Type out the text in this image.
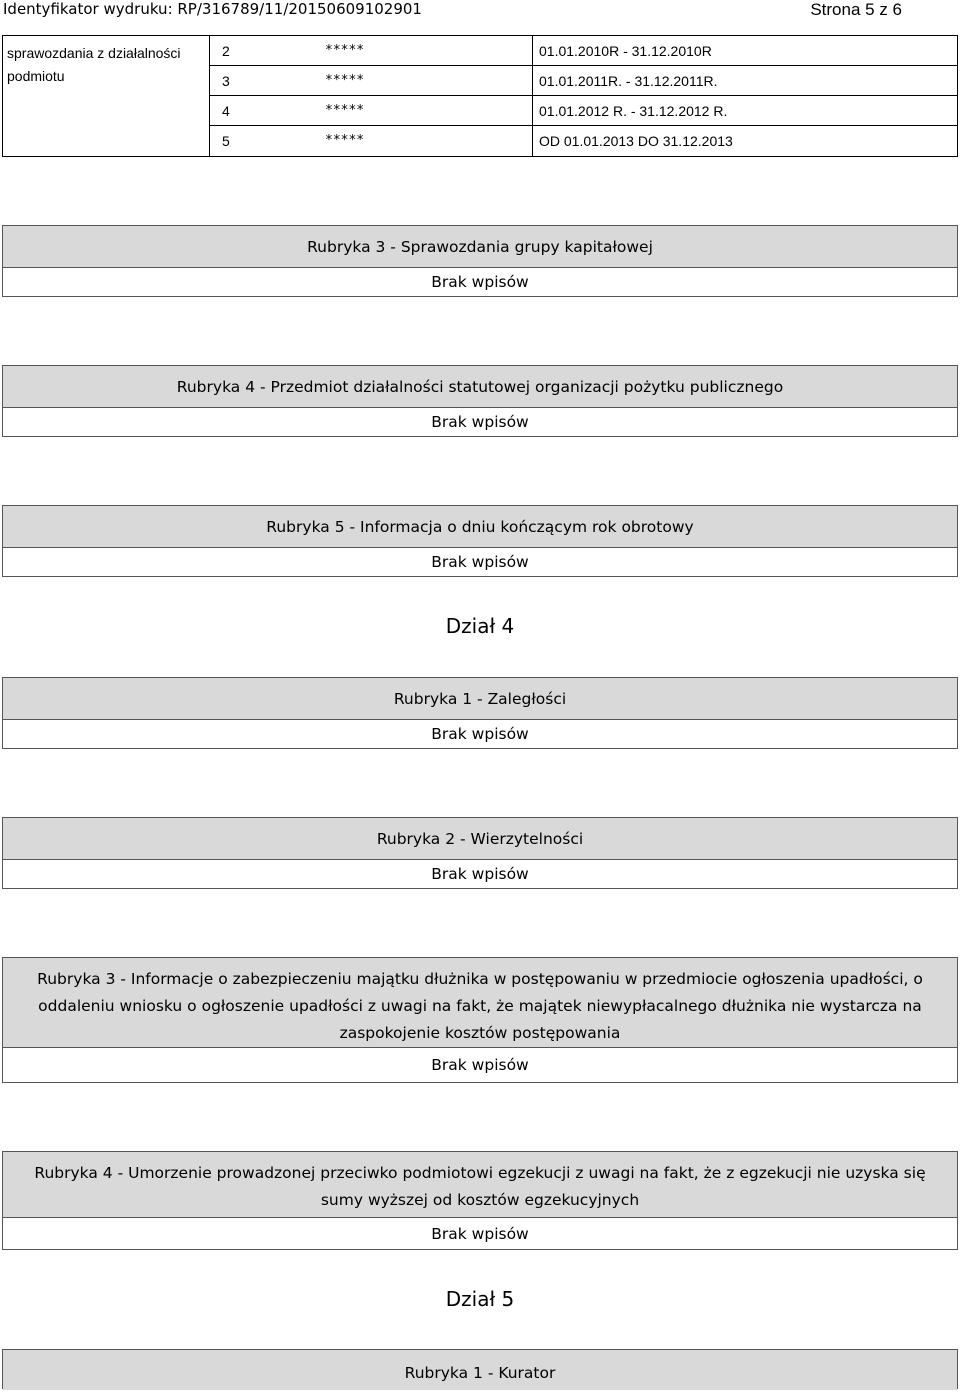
Identyfikator wydruku: RP/316789/11/20150609102901	Strona 5 z 6
sprawozdania z działalności podmiotu
2	*****	01.01.2010R - 31.12.2010R
3	*****	01.01.2011R. - 31.12.2011R.
4	*****	01.01.2012 R. - 31.12.2012 R.
5	*****	OD 01.01.2013 DO 31.12.2013
Rubryka 3 - Sprawozdania grupy kapitałowej
Brak wpisów
Rubryka 4 - Przedmiot działalności statutowej organizacji pożytku publicznego
Brak wpisów
Rubryka 5 - Informacja o dniu kończącym rok obrotowy
Brak wpisów
Dział 4
Rubryka 1 - Zaległości
Brak wpisów
Rubryka 2 - Wierzytelności
Brak wpisów
Rubryka 3 - Informacje o zabezpieczeniu majątku dłużnika w postępowaniu w przedmiocie ogłoszenia upadłości, o
oddaleniu wniosku o ogłoszenie upadłości z uwagi na fakt, że majątek niewypłacalnego dłużnika nie wystarcza na
zaspokojenie kosztów postępowania
Brak wpisów
Rubryka 4 - Umorzenie prowadzonej przeciwko podmiotowi egzekucji z uwagi na fakt, że z egzekucji nie uzyska się
sumy wyższej od kosztów egzekucyjnych
Brak wpisów
Dział 5
Rubryka 1 - Kurator
